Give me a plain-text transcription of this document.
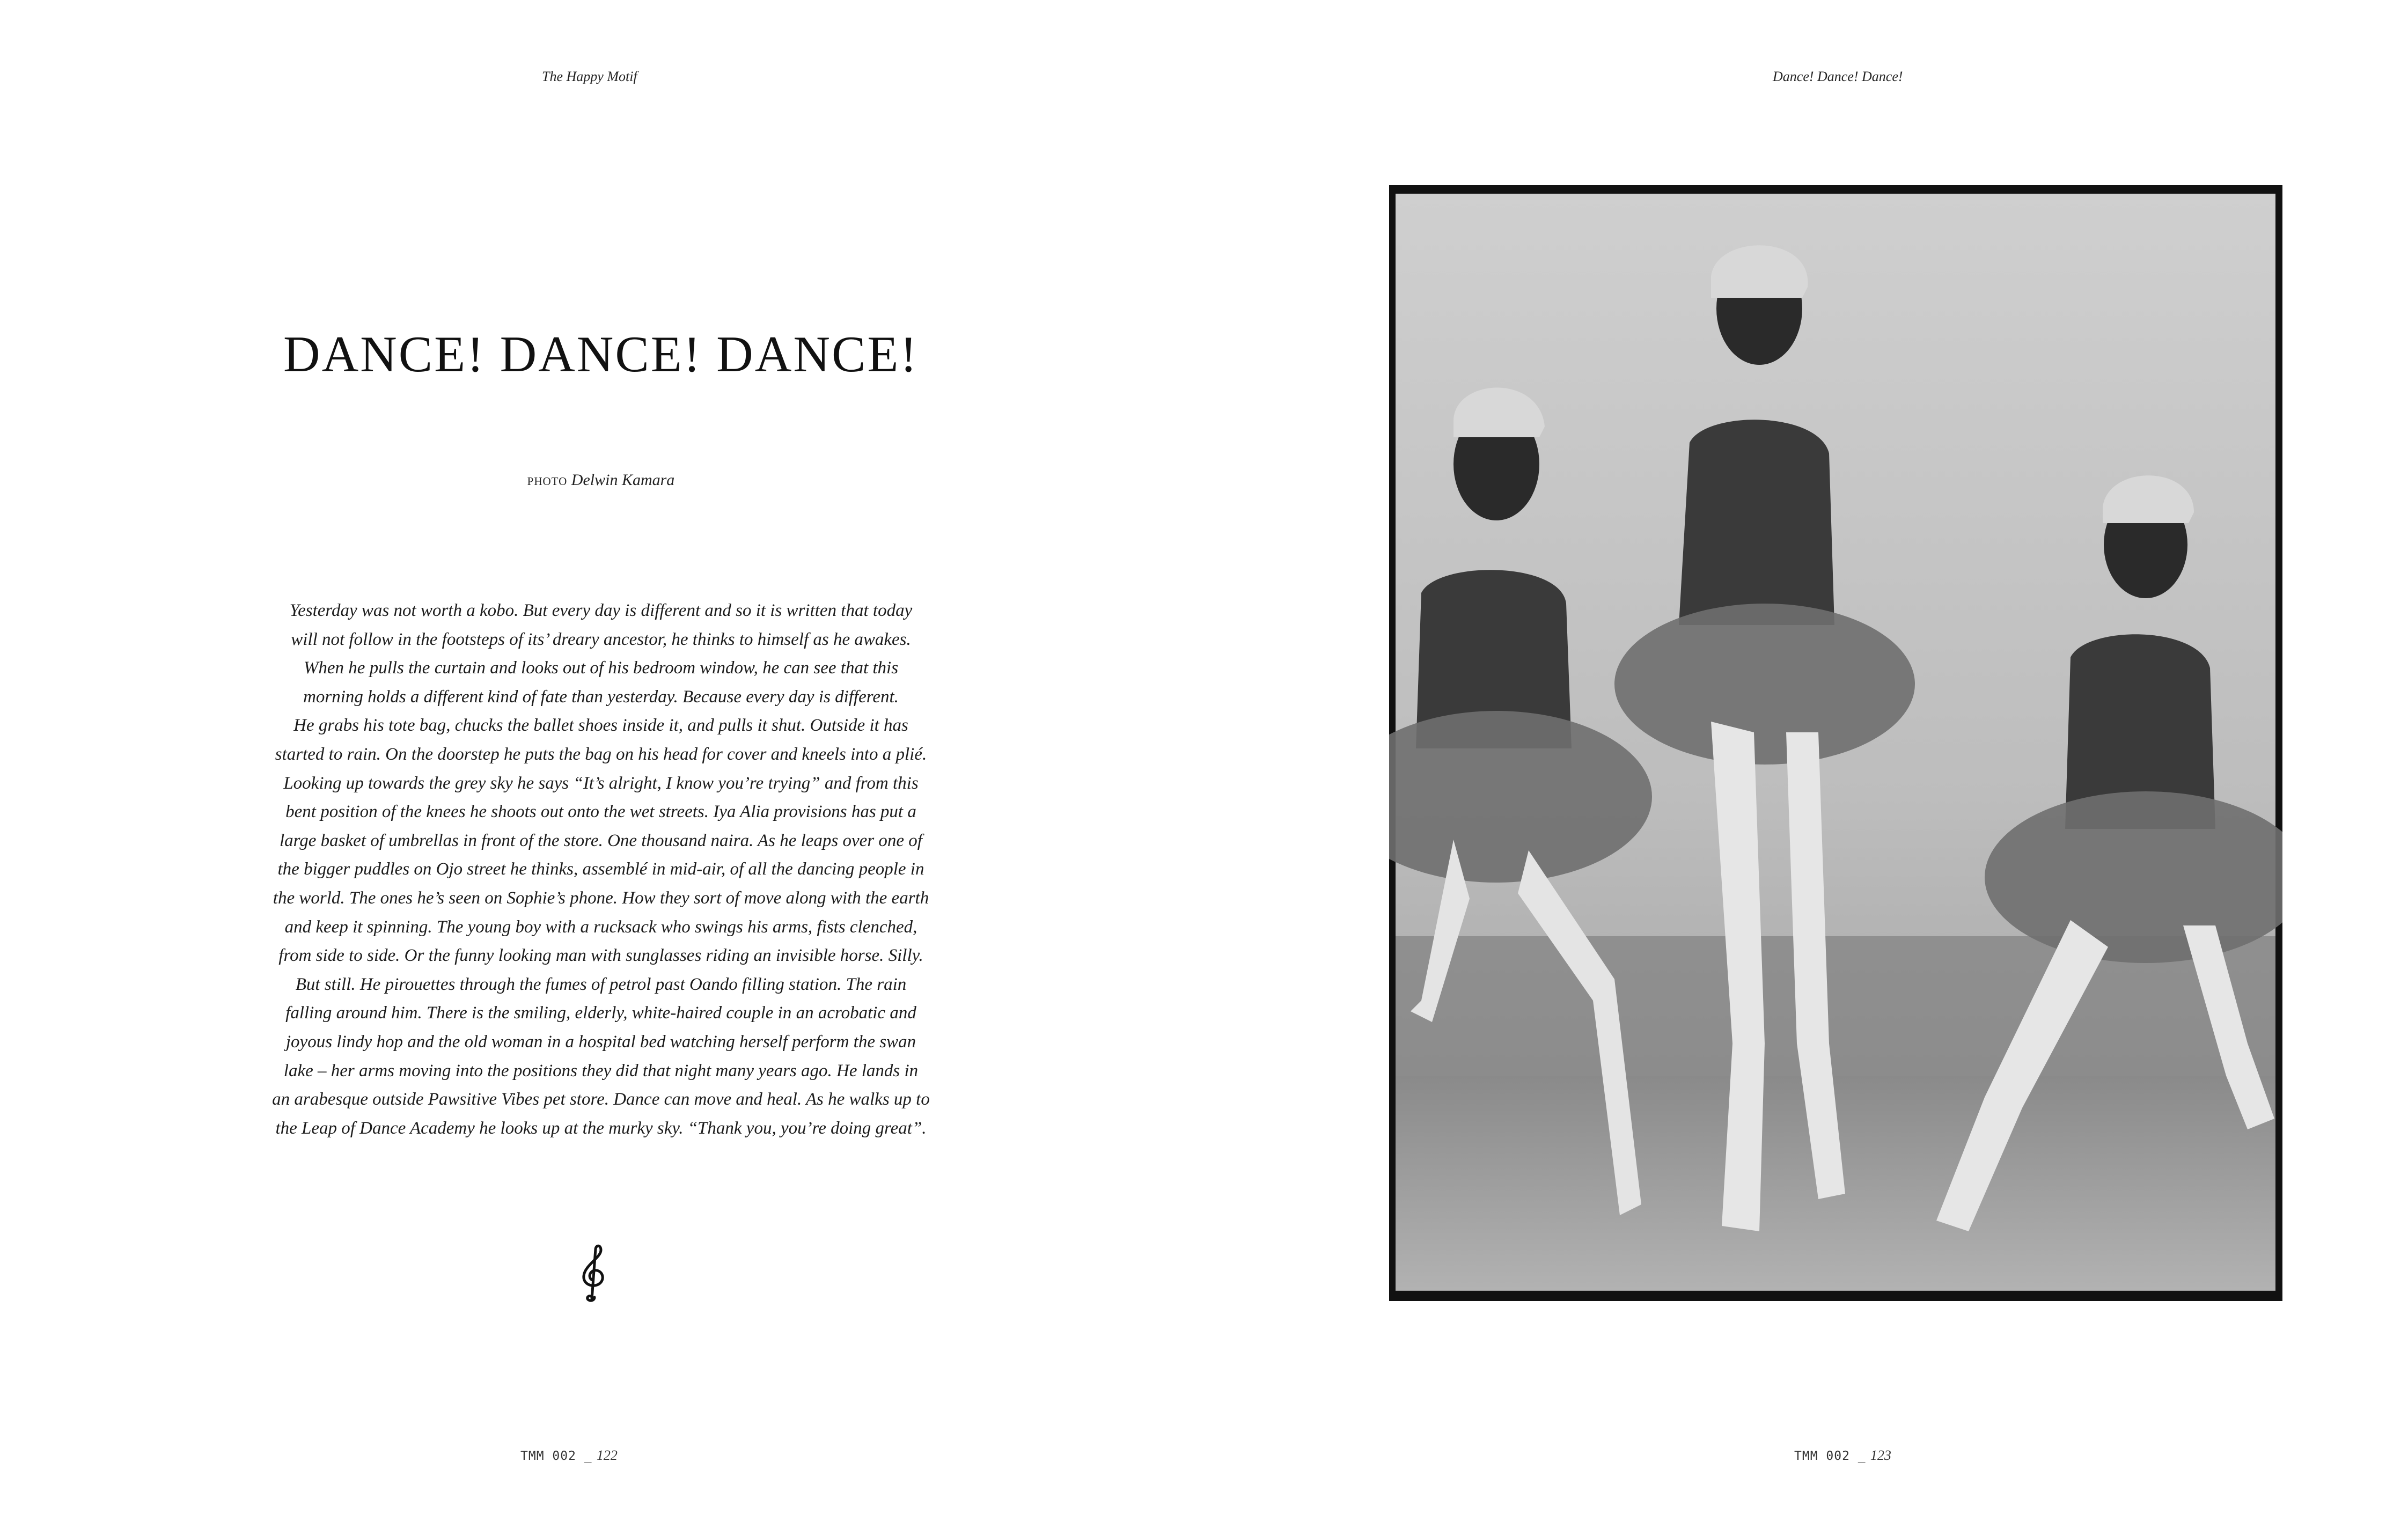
The Happy Motif
DANCE! DANCE! DANCE!
photo Delwin Kamara
Yesterday was not worth a kobo. But every day is different and so it is written that today
will not follow in the footsteps of its’ dreary ancestor, he thinks to himself as he awakes.
When he pulls the curtain and looks out of his bedroom window, he can see that this
morning holds a different kind of fate than yesterday. Because every day is different.
He grabs his tote bag, chucks the ballet shoes inside it, and pulls it shut. Outside it has
started to rain. On the doorstep he puts the bag on his head for cover and kneels into a plié.
Looking up towards the grey sky he says “It’s alright, I know you’re trying” and from this
bent position of the knees he shoots out onto the wet streets. Iya Alia provisions has put a
large basket of umbrellas in front of the store. One thousand naira. As he leaps over one of
the bigger puddles on Ojo street he thinks, assemblé in mid-air, of all the dancing people in
the world. The ones he’s seen on Sophie’s phone. How they sort of move along with the earth
and keep it spinning. The young boy with a rucksack who swings his arms, fists clenched,
from side to side. Or the funny looking man with sunglasses riding an invisible horse. Silly.
But still. He pirouettes through the fumes of petrol past Oando filling station. The rain
falling around him. There is the smiling, elderly, white-haired couple in an acrobatic and
joyous lindy hop and the old woman in a hospital bed watching herself perform the swan
lake – her arms moving into the positions they did that night many years ago. He lands in
an arabesque outside Pawsitive Vibes pet store. Dance can move and heal. As he walks up to
the Leap of Dance Academy he looks up at the murky sky. “Thank you, you’re doing great”.
TMM 002 _ 122
Dance! Dance! Dance!
TMM 002 _ 123
